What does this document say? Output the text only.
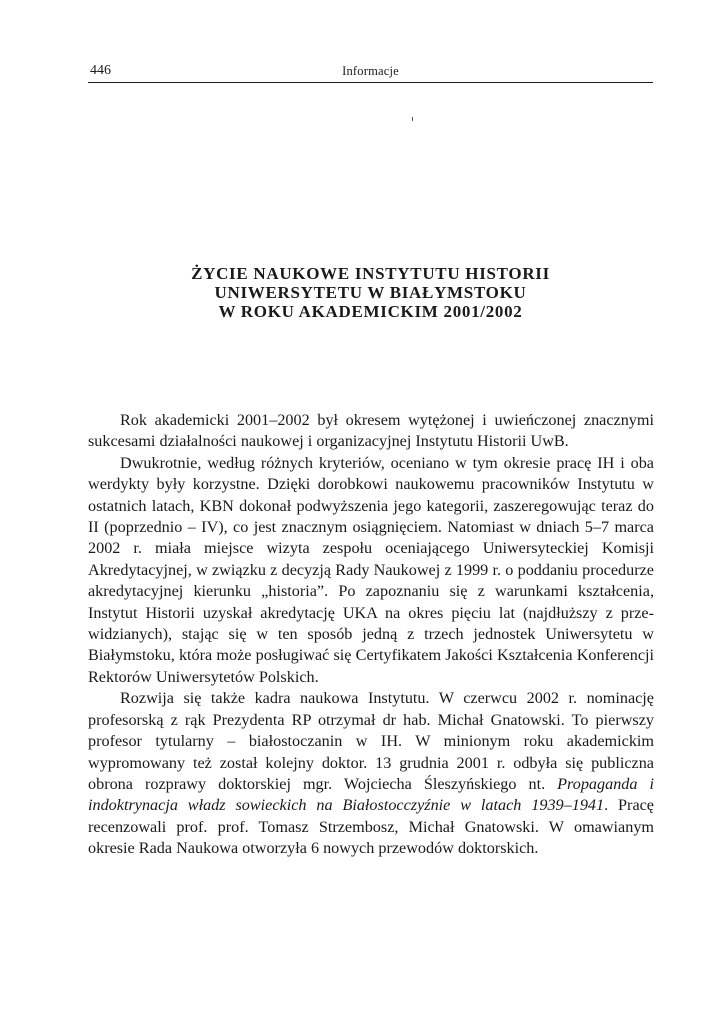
446	Informacje
ŻYCIE NAUKOWE INSTYTUTU HISTORII
UNIWERSYTETU W BIAŁYMSTOKU
W ROKU AKADEMICKIM 2001/2002

Rok akademicki 2001–2002 był okresem wytężonej i uwieńczonej znacznymi sukcesami działalności naukowej i organizacyjnej Instytutu Historii UwB.

Dwukrotnie, według różnych kryteriów, oceniano w tym okresie pracę IH i oba werdykty były korzystne. Dzięki dorobkowi naukowemu pracowników Instytutu w ostatnich latach, KBN dokonał podwyższenia jego kategorii, zaszeregowując teraz do II (poprzednio – IV), co jest znacznym osiągnięciem. Natomiast w dniach 5–7 marca 2002 r. miała miejsce wizyta zespołu oceniającego Uniwersyteckiej Komisji Akredytacyjnej, w związku z decyzją Rady Naukowej z 1999 r. o poddaniu procedurze akredytacyjnej kierunku „historia”. Po zapoznaniu się z warunkami kształcenia, Instytut Historii uzyskał akredytację UKA na okres pięciu lat (najdłuższy z przewidzianych), stając się w ten sposób jedną z trzech jednostek Uniwersytetu w Białymstoku, która może posługiwać się Certyfikatem Jakości Kształcenia Konferencji Rektorów Uniwersytetów Polskich.

Rozwija się także kadra naukowa Instytutu. W czerwcu 2002 r. nominację profesorską z rąk Prezydenta RP otrzymał dr hab. Michał Gnatowski. To pierwszy profesor tytularny – białostoczanin w IH. W minionym roku akademickim wypromowany też został kolejny doktor. 13 grudnia 2001 r. odbyła się publiczna obrona rozprawy doktorskiej mgr. Wojciecha Śleszyńskiego nt. Propaganda i indoktrynacja władz sowieckich na Białostocczyźnie w latach 1939–1941. Pracę recenzowali prof. prof. Tomasz Strzembosz, Michał Gnatowski. W omawianym okresie Rada Naukowa otworzyła 6 nowych przewodów doktorskich.
